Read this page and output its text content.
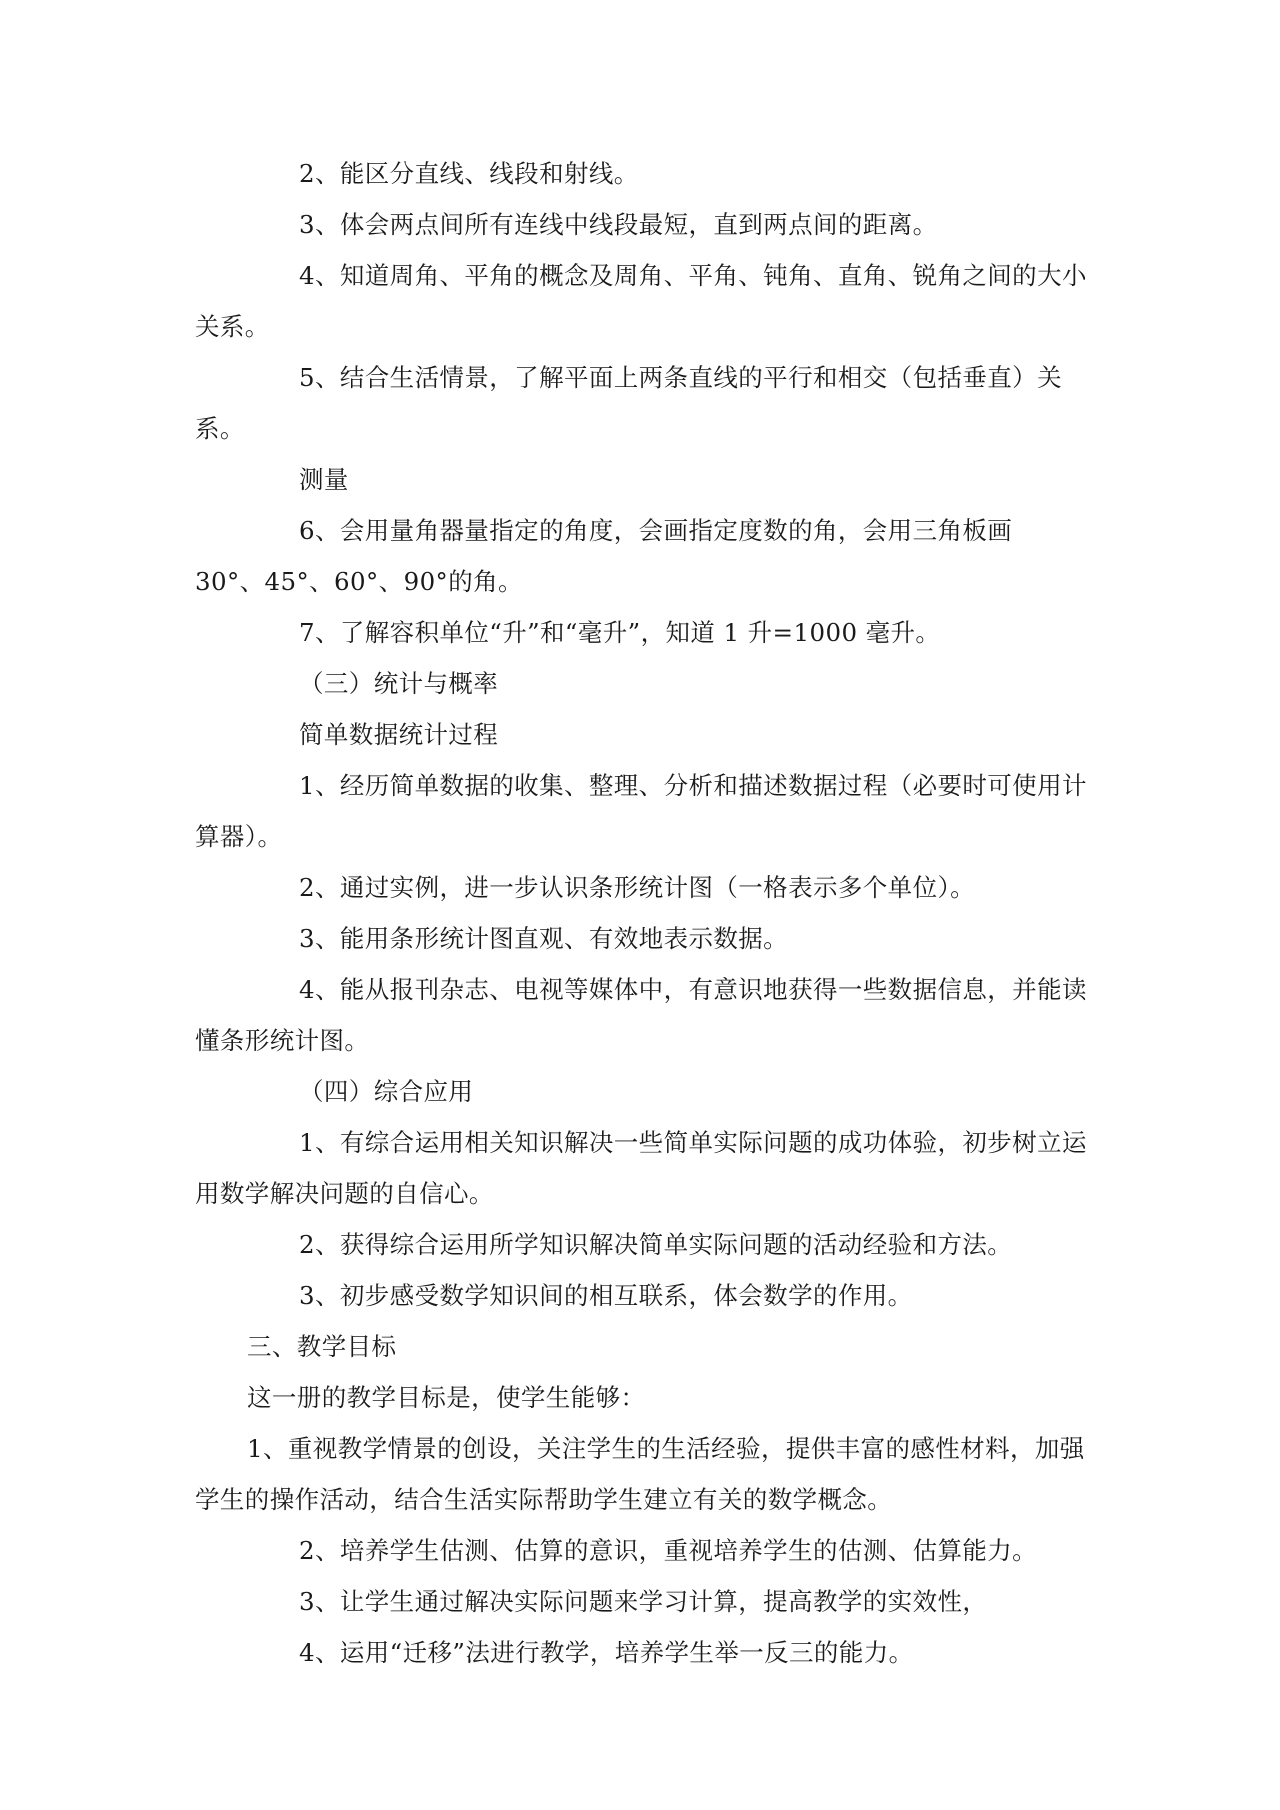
2、能区分直线、线段和射线。

3、体会两点间所有连线中线段最短，直到两点间的距离。

4、知道周角、平角的概念及周角、平角、钝角、直角、锐角之间的大小关系。

5、结合生活情景，了解平面上两条直线的平行和相交（包括垂直）关系。

测量

6、会用量角器量指定的角度，会画指定度数的角，会用三角板画

30°、45°、60°、90°的角。

7、了解容积单位“升”和“毫升”，知道 1 升=1000 毫升。

（三）统计与概率

简单数据统计过程

1、经历简单数据的收集、整理、分析和描述数据过程（必要时可使用计算器）。

2、通过实例，进一步认识条形统计图（一格表示多个单位）。

3、能用条形统计图直观、有效地表示数据。

4、能从报刊杂志、电视等媒体中，有意识地获得一些数据信息，并能读懂条形统计图。

（四）综合应用

1、有综合运用相关知识解决一些简单实际问题的成功体验，初步树立运用数学解决问题的自信心。

2、获得综合运用所学知识解决简单实际问题的活动经验和方法。

3、初步感受数学知识间的相互联系，体会数学的作用。

三、教学目标

这一册的教学目标是，使学生能够：

1、重视教学情景的创设，关注学生的生活经验，提供丰富的感性材料，加强学生的操作活动，结合生活实际帮助学生建立有关的数学概念。

2、培养学生估测、估算的意识，重视培养学生的估测、估算能力。

3、让学生通过解决实际问题来学习计算，提高教学的实效性，

4、运用“迁移”法进行教学，培养学生举一反三的能力。
